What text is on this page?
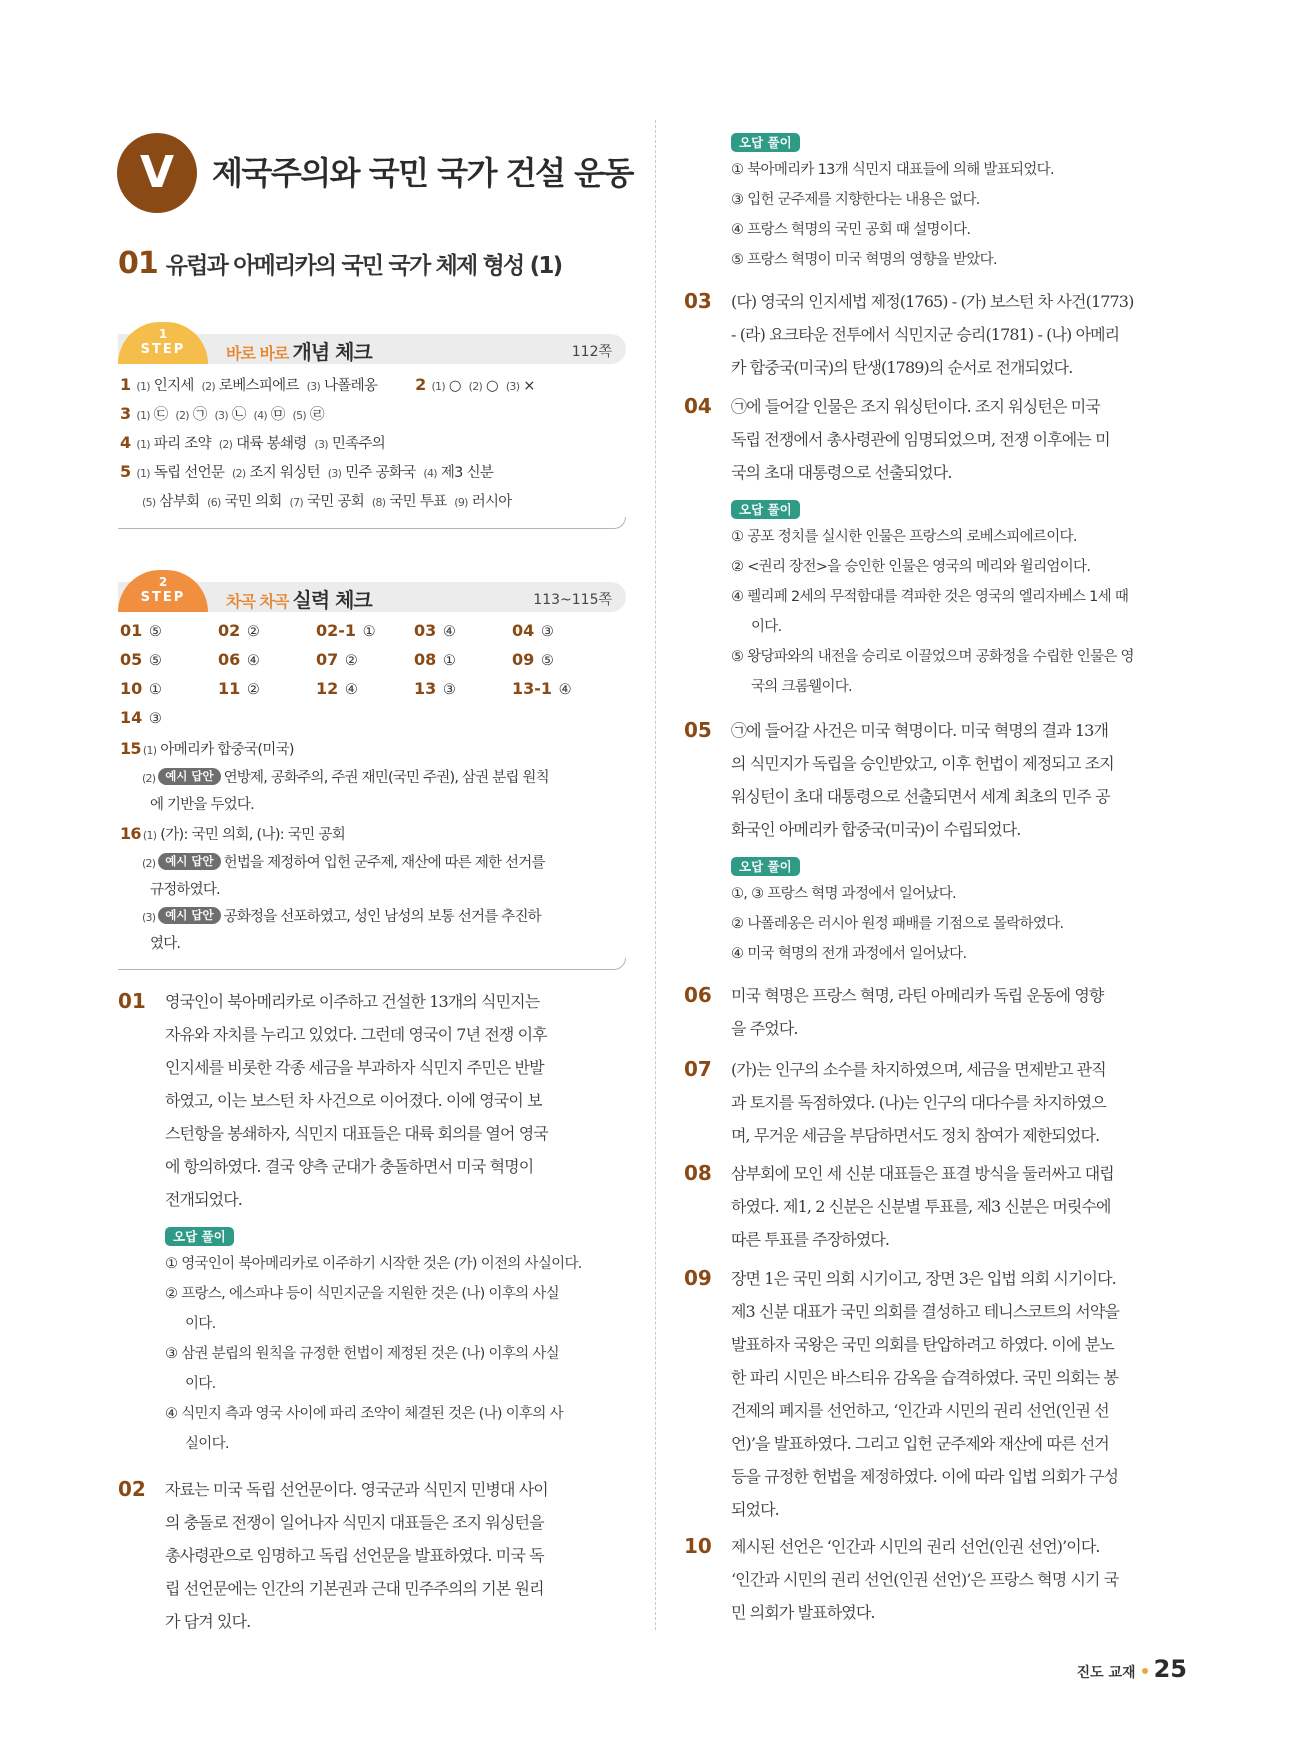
V	제국주의와 국민 국가 건설 운동
01 유럽과 아메리카의 국민 국가 체제 형성 (1)
1
STEP	바로 바로 개념 체크	112쪽
1 (1) 인지세 (2) 로베스피에르 (3) 나폴레옹 2 (1) ○ (2) ○ (3) ×
3 (1) ㉢ (2) ㉠ (3) ㉡ (4) ㉤ (5) ㉣
4 (1) 파리 조약 (2) 대륙 봉쇄령 (3) 민족주의
5 (1) 독립 선언문 (2) 조지 워싱턴 (3) 민주 공화국 (4) 제3 신분
(5) 삼부회 (6) 국민 의회 (7) 국민 공회 (8) 국민 투표 (9) 러시아
2
STEP	차곡 차곡 실력 체크	113~115쪽
01 ⑤	02 ②	02-1 ①	03 ④	04 ③
05 ⑤	06 ④	07 ②	08 ①	09 ⑤
10 ①	11 ②	12 ④	13 ③	13-1 ④
14 ③
15 (1) 아메리카 합중국(미국)
(2) 예시 답안 연방제, 공화주의, 주권 재민(국민 주권), 삼권 분립 원칙
에 기반을 두었다.
16 (1) (가): 국민 의회, (나): 국민 공회
(2) 예시 답안 헌법을 제정하여 입헌 군주제, 재산에 따른 제한 선거를
규정하였다.
(3) 예시 답안 공화정을 선포하였고, 성인 남성의 보통 선거를 추진하
였다.
01	영국인이 북아메리카로 이주하고 건설한 13개의 식민지는
자유와 자치를 누리고 있었다. 그런데 영국이 7년 전쟁 이후
인지세를 비롯한 각종 세금을 부과하자 식민지 주민은 반발
하였고, 이는 보스턴 차 사건으로 이어졌다. 이에 영국이 보
스턴항을 봉쇄하자, 식민지 대표들은 대륙 회의를 열어 영국
에 항의하였다. 결국 양측 군대가 충돌하면서 미국 혁명이
전개되었다.
오답 풀이
① 영국인이 북아메리카로 이주하기 시작한 것은 (가) 이전의 사실이다.
② 프랑스, 에스파냐 등이 식민지군을 지원한 것은 (나) 이후의 사실
이다.
③ 삼권 분립의 원칙을 규정한 헌법이 제정된 것은 (나) 이후의 사실
이다.
④ 식민지 측과 영국 사이에 파리 조약이 체결된 것은 (나) 이후의 사
실이다.
02	자료는 미국 독립 선언문이다. 영국군과 식민지 민병대 사이
의 충돌로 전쟁이 일어나자 식민지 대표들은 조지 워싱턴을
총사령관으로 임명하고 독립 선언문을 발표하였다. 미국 독
립 선언문에는 인간의 기본권과 근대 민주주의의 기본 원리
가 담겨 있다.
오답 풀이
① 북아메리카 13개 식민지 대표들에 의해 발표되었다.
③ 입헌 군주제를 지향한다는 내용은 없다.
④ 프랑스 혁명의 국민 공회 때 설명이다.
⑤ 프랑스 혁명이 미국 혁명의 영향을 받았다.
03	(다) 영국의 인지세법 제정(1765) - (가) 보스턴 차 사건(1773)
- (라) 요크타운 전투에서 식민지군 승리(1781) - (나) 아메리
카 합중국(미국)의 탄생(1789)의 순서로 전개되었다.
04	㉠에 들어갈 인물은 조지 워싱턴이다. 조지 워싱턴은 미국
독립 전쟁에서 총사령관에 임명되었으며, 전쟁 이후에는 미
국의 초대 대통령으로 선출되었다.
오답 풀이
① 공포 정치를 실시한 인물은 프랑스의 로베스피에르이다.
② <권리 장전>을 승인한 인물은 영국의 메리와 윌리엄이다.
④ 펠리페 2세의 무적함대를 격파한 것은 영국의 엘리자베스 1세 때
이다.
⑤ 왕당파와의 내전을 승리로 이끌었으며 공화정을 수립한 인물은 영
국의 크롬웰이다.
05	㉠에 들어갈 사건은 미국 혁명이다. 미국 혁명의 결과 13개
의 식민지가 독립을 승인받았고, 이후 헌법이 제정되고 조지
워싱턴이 초대 대통령으로 선출되면서 세계 최초의 민주 공
화국인 아메리카 합중국(미국)이 수립되었다.
오답 풀이
①, ③ 프랑스 혁명 과정에서 일어났다.
② 나폴레옹은 러시아 원정 패배를 기점으로 몰락하였다.
④ 미국 혁명의 전개 과정에서 일어났다.
06	미국 혁명은 프랑스 혁명, 라틴 아메리카 독립 운동에 영향
을 주었다.
07	(가)는 인구의 소수를 차지하였으며, 세금을 면제받고 관직
과 토지를 독점하였다. (나)는 인구의 대다수를 차지하였으
며, 무거운 세금을 부담하면서도 정치 참여가 제한되었다.
08	삼부회에 모인 세 신분 대표들은 표결 방식을 둘러싸고 대립
하였다. 제1, 2 신분은 신분별 투표를, 제3 신분은 머릿수에
따른 투표를 주장하였다.
09	장면 1은 국민 의회 시기이고, 장면 3은 입법 의회 시기이다.
제3 신분 대표가 국민 의회를 결성하고 테니스코트의 서약을
발표하자 국왕은 국민 의회를 탄압하려고 하였다. 이에 분노
한 파리 시민은 바스티유 감옥을 습격하였다. 국민 의회는 봉
건제의 폐지를 선언하고, ‘인간과 시민의 권리 선언(인권 선
언)’을 발표하였다. 그리고 입헌 군주제와 재산에 따른 선거
등을 규정한 헌법을 제정하였다. 이에 따라 입법 의회가 구성
되었다.
10	제시된 선언은 ‘인간과 시민의 권리 선언(인권 선언)’이다.
‘인간과 시민의 권리 선언(인권 선언)’은 프랑스 혁명 시기 국
민 의회가 발표하였다.
진도 교재 25
